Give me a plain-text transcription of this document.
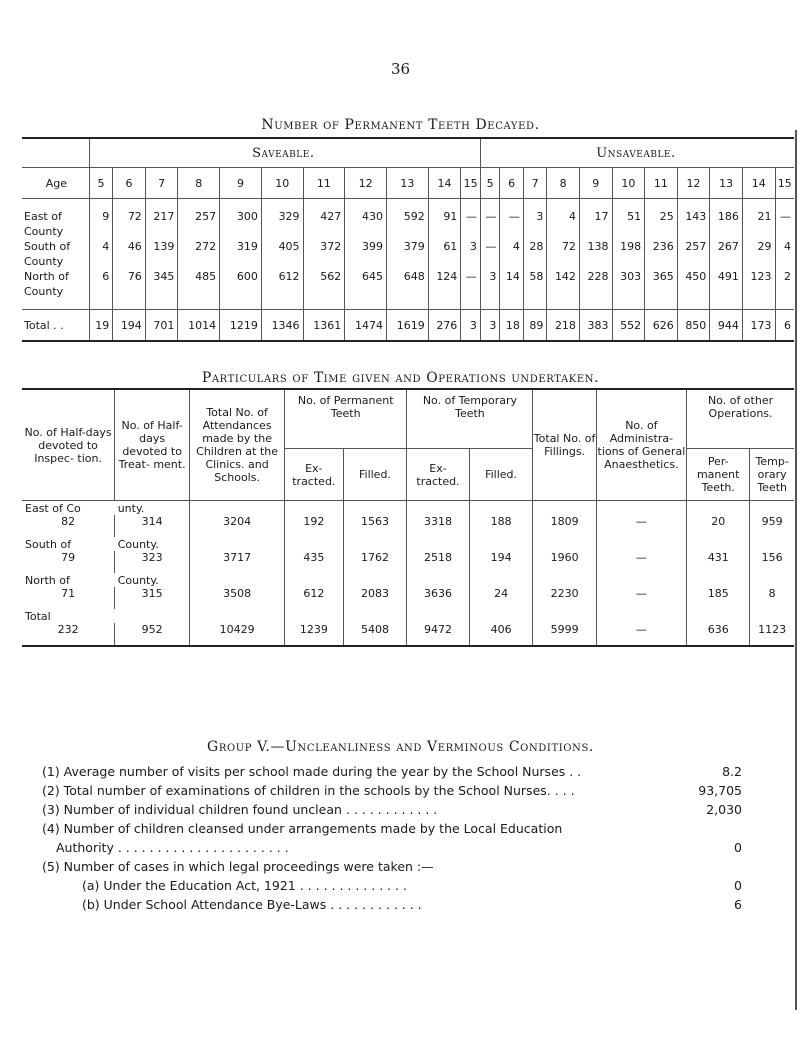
36
Number of Permanent Teeth Decayed.
	Saveable.											Unsaveable.										
Age	5	6	7	8	9	10	11	12	13	14	15	5	6	7	8	9	10	11	12	13	14	15

East of	9	72	217	257	300	329	427	430	592	91	—	—	—	3	4	17	51	25	143	186	21	—
County																						
South of	4	46	139	272	319	405	372	399	379	61	3	—	4	28	72	138	198	236	257	267	29	4
County																						
North of	6	76	345	485	600	612	562	645	648	124	—	3	14	58	142	228	303	365	450	491	123	2
County																						

Total . .	19	194	701	1014	1219	1346	1361	1474	1619	276	3	3	18	89	218	383	552	626	850	944	173	6
Particulars of Time given and Operations undertaken.
No. of Half-days devoted to Inspec- tion.	No. of Half-days devoted to Treat- ment.	Total No. of Attendances made by the Children at the Clinics. and Schools.	No. of Permanent Teeth		No. of Temporary Teeth		Total No. of Fillings.	No. of Administra- tions of General Anaesthetics.	No. of other Operations.	
			Ex- tracted.	Filled.	Ex- tracted.	Filled.			Per- manent Teeth.	Temp- orary Teeth
East of Co	unty.									
82	314	3204	192	1563	3318	188	1809	—	20	959
South of	County.									
79	323	3717	435	1762	2518	194	1960	—	431	156
North of	County.									
71	315	3508	612	2083	3636	24	2230	—	185	8
Total										
232	952	10429	1239	5408	9472	406	5999	—	636	1123
Group V.—Uncleanliness and Verminous Conditions.
(1) Average number of visits per school made during the year by the School Nurses . .	8.2
(2) Total number of examinations of children in the schools by the School Nurses. . . .	93,705
(3) Number of individual children found unclean . . . . . . . . . . . .	2,030
(4) Number of children cleansed under arrangements made by the Local Education
Authority . . . . . . . . . . . . . . . . . . . . . .	0
(5) Number of cases in which legal proceedings were taken :—
(a) Under the Education Act, 1921 . . . . . . . . . . . . . .	0
(b) Under School Attendance Bye-Laws . . . . . . . . . . . .	6
